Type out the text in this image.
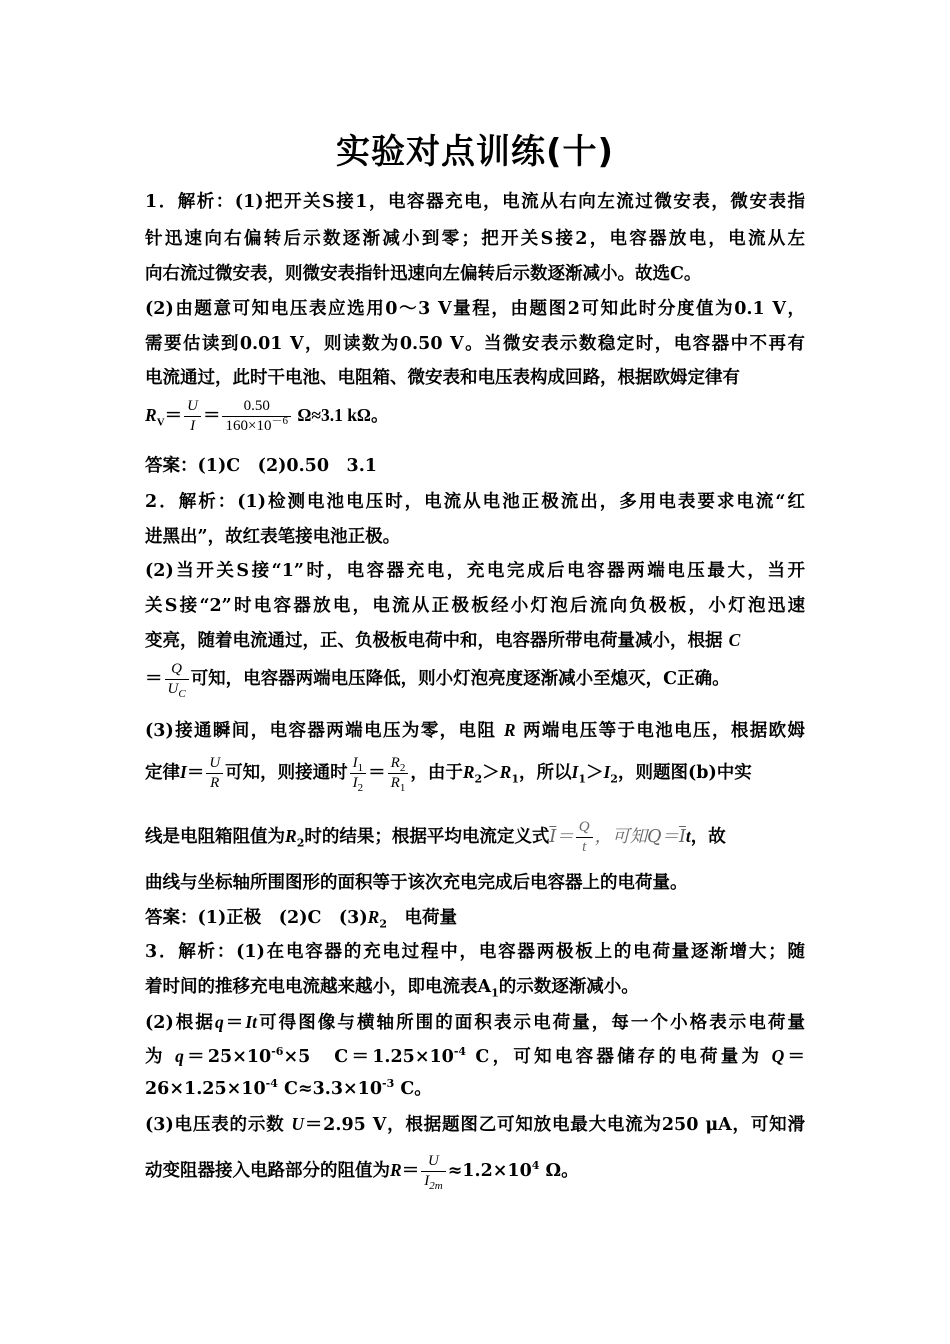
实验对点训练(十)
1．解析：(1)把开关S接1，电容器充电，电流从右向左流过微安表，微安表指
针迅速向右偏转后示数逐渐减小到零；把开关S接2，电容器放电，电流从左
向右流过微安表，则微安表指针迅速向左偏转后示数逐渐减小。故选C。
(2)由题意可知电压表应选用0～3 V量程，由题图2可知此时分度值为0.1 V，
需要估读到0.01 V，则读数为0.50 V。当微安表示数稳定时，电容器中不再有
电流通过，此时干电池、电阻箱、微安表和电压表构成回路，根据欧姆定律有
$R_V= \frac{U}{I} = \frac{0.50}{160\times 10^{-6}} \Omega\approx 3.1$ kΩ。
答案：(1)C　(2)0.50　3.1
2．解析：(1)检测电池电压时，电流从电池正极流出，多用电表要求电流“红
进黑出”，故红表笔接电池正极。
(2)当开关S接“1”时，电容器充电，充电完成后电容器两端电压最大，当开
关S接“2”时电容器放电，电流从正极板经小灯泡后流向负极板，小灯泡迅速
变亮，随着电流通过，正、负极板电荷中和，电容器所带电荷量减小，根据 C
＝ $\frac{Q}{U_C}$ 可知，电容器两端电压降低，则小灯泡亮度逐渐减小至熄灭，C正确。
(3)接通瞬间，电容器两端电压为零，电阻 R 两端电压等于电池电压，根据欧姆
定律$I= \frac{U}{R}$ 可知，则接通时 $\frac{I_1}{I_2} = \frac{R_2}{R_1}$ ，由于$R_2>R_1$，所以$I_1>I_2$，则题图(b)中实
线是电阻箱阻值为$R_2$时的结果；根据平均电流定义式$\overline{I}= \frac{Q}{t}$ ，可知$Q=\overline{I}t$，故
曲线与坐标轴所围图形的面积等于该次充电完成后电容器上的电荷量。
答案：(1)正极　(2)C　$(3)R_2$　电荷量
3．解析：(1)在电容器的充电过程中，电容器两极板上的电荷量逐渐增大；随
着时间的推移充电电流越来越小，即电流表$A_1$的示数逐渐减小。
(2)根据q＝It可得图像与横轴所围的面积表示电荷量，每一个小格表示电荷量
为 $q=25\times 10^{-6}\times 5$　$C=1.25\times 10^{-4}$ C，可知电容器储存的电荷量为 Q＝
$26\times 1.25\times 10^{-4}$ $C\approx 3.3\times 10^{-3}$ C。
(3)电压表的示数 U＝2.95 V，根据题图乙可知放电最大电流为250 μA，可知滑
动变阻器接入电路部分的阻值为$R= \frac{U}{I_{2m}} \approx 1.2\times 10^4$ Ω。
